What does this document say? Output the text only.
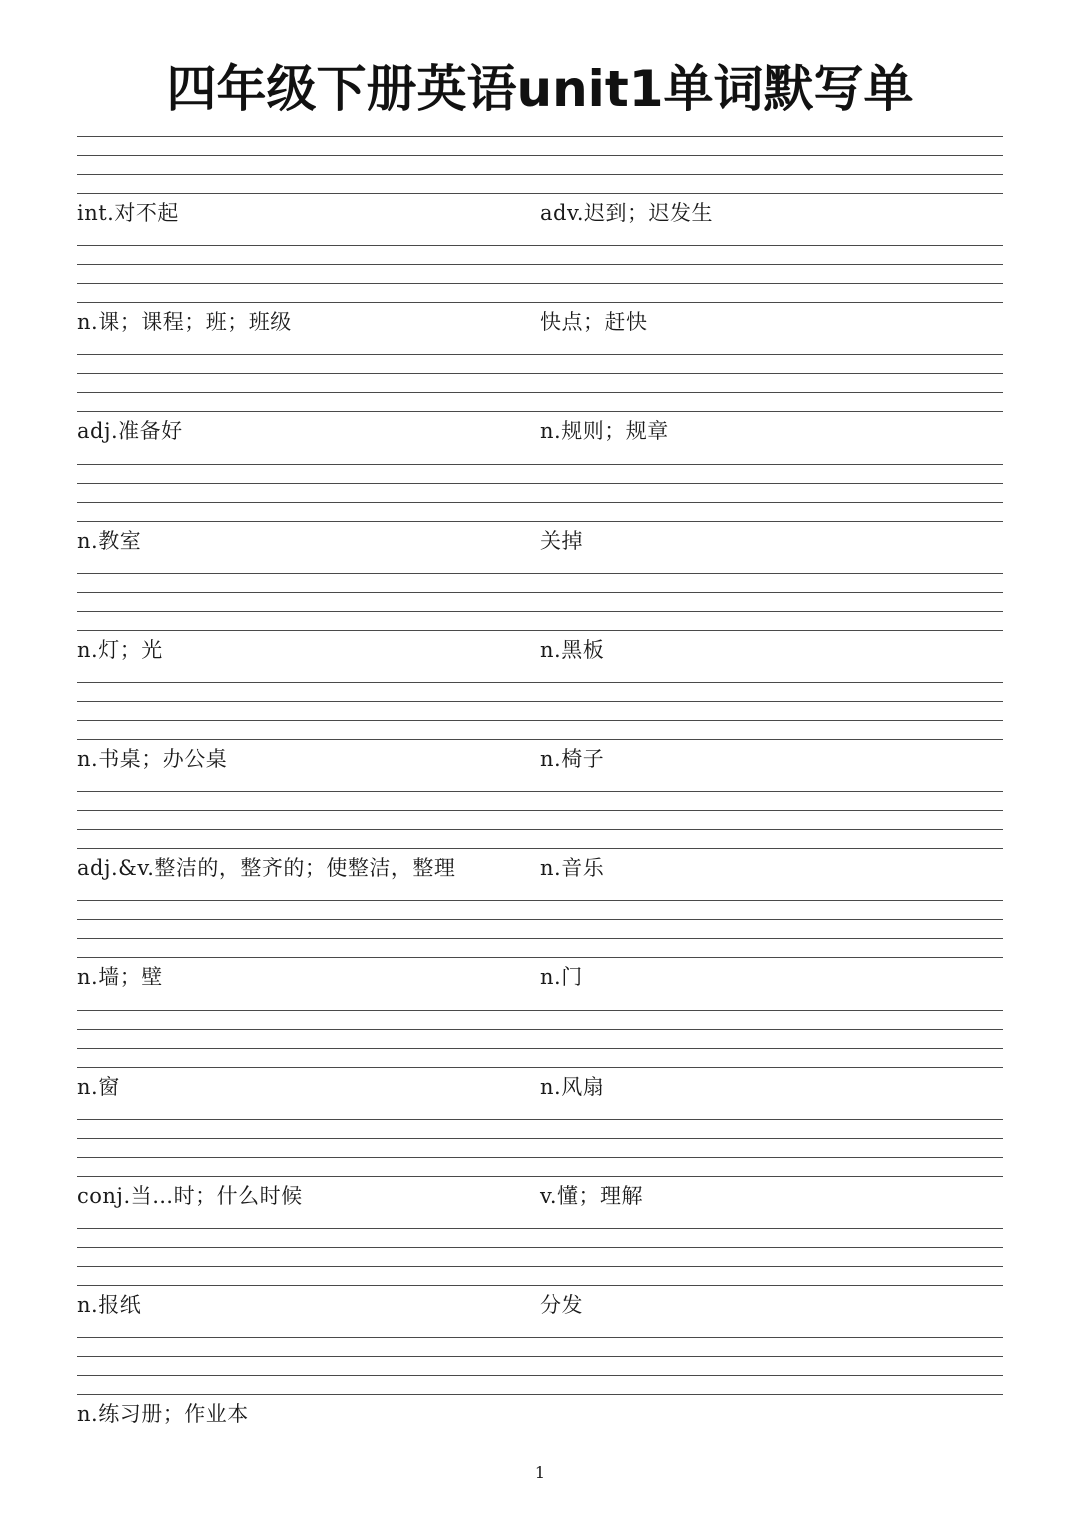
四年级下册英语unit1单词默写单
int.对不起	adv.迟到；迟发生
n.课；课程；班；班级	快点；赶快
adj.准备好	n.规则；规章
n.教室	关掉
n.灯；光	n.黑板
n.书桌；办公桌	n.椅子
adj.&v.整洁的，整齐的；使整洁，整理	n.音乐
n.墙；壁	n.门
n.窗	n.风扇
conj.当…时；什么时候	v.懂；理解
n.报纸	分发
n.练习册；作业本
1
